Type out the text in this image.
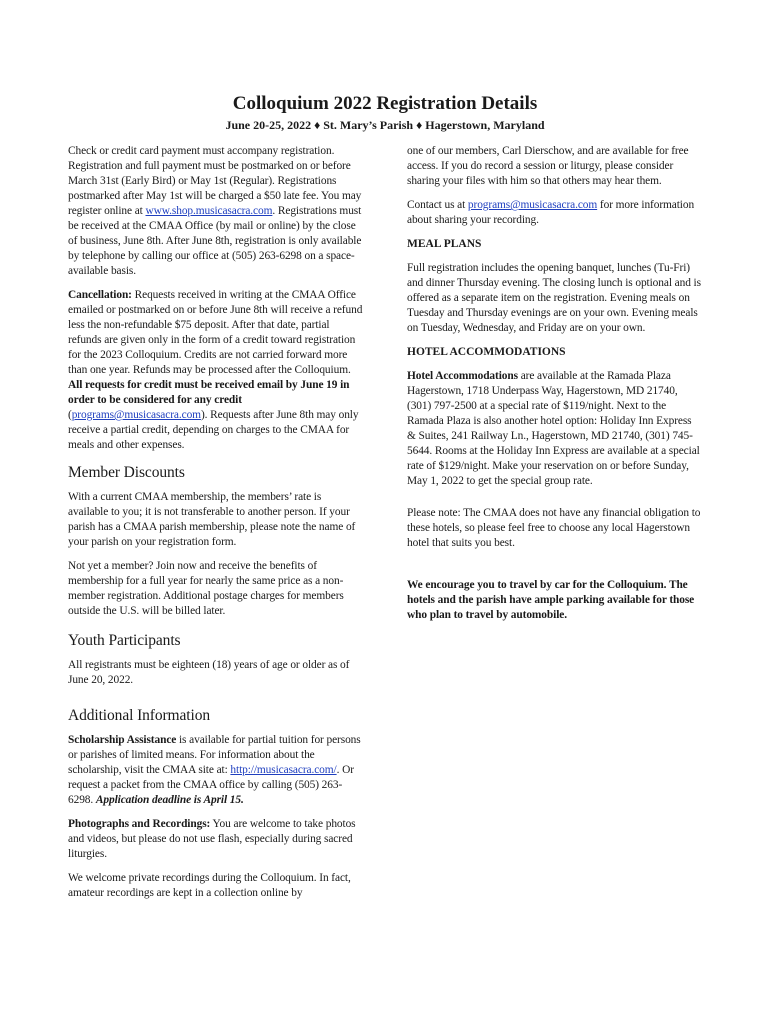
Colloquium 2022 Registration Details
June 20-25, 2022 ♦ St. Mary’s Parish ♦ Hagerstown, Maryland

Check or credit card payment must accompany registration. Registration and full payment must be postmarked on or before March 31st (Early Bird) or May 1st (Regular). Registrations postmarked after May 1st will be charged a $50 late fee. You may register online at www.shop.musicasacra.com. Registrations must be received at the CMAA Office (by mail or online) by the close of business, June 8th. After June 8th, registration is only available by telephone by calling our office at (505) 263-6298 on a space-available basis.

Cancellation: Requests received in writing at the CMAA Office emailed or postmarked on or before June 8th will receive a refund less the non-refundable $75 deposit. After that date, partial refunds are given only in the form of a credit toward registration for the 2023 Colloquium. Credits are not carried forward more than one year. Refunds may be processed after the Colloquium. All requests for credit must be received email by June 19 in order to be considered for any credit (programs@musicasacra.com). Requests after June 8th may only receive a partial credit, depending on charges to the CMAA for meals and other expenses.

Member Discounts

With a current CMAA membership, the members’ rate is available to you; it is not transferable to another person. If your parish has a CMAA parish membership, please note the name of your parish on your registration form.

Not yet a member? Join now and receive the benefits of membership for a full year for nearly the same price as a non-member registration. Additional postage charges for members outside the U.S. will be billed later.

Youth Participants

All registrants must be eighteen (18) years of age or older as of June 20, 2022.

Additional Information

Scholarship Assistance is available for partial tuition for persons or parishes of limited means. For information about the scholarship, visit the CMAA site at: http://musicasacra.com/. Or request a packet from the CMAA office by calling (505) 263-6298. Application deadline is April 15.

Photographs and Recordings: You are welcome to take photos and videos, but please do not use flash, especially during sacred liturgies.

We welcome private recordings during the Colloquium. In fact, amateur recordings are kept in a collection online by

one of our members, Carl Dierschow, and are available for free access. If you do record a session or liturgy, please consider sharing your files with him so that others may hear them.

Contact us at programs@musicasacra.com for more information about sharing your recording.

MEAL PLANS

Full registration includes the opening banquet, lunches (Tu-Fri) and dinner Thursday evening. The closing lunch is optional and is offered as a separate item on the registration. Evening meals on Tuesday and Thursday evenings are on your own. Evening meals on Tuesday, Wednesday, and Friday are on your own.

HOTEL ACCOMMODATIONS

Hotel Accommodations are available at the Ramada Plaza Hagerstown, 1718 Underpass Way, Hagerstown, MD 21740, (301) 797-2500 at a special rate of $119/night. Next to the Ramada Plaza is also another hotel option: Holiday Inn Express & Suites, 241 Railway Ln., Hagerstown, MD 21740, (301) 745-5644. Rooms at the Holiday Inn Express are available at a special rate of $129/night. Make your reservation on or before Sunday, May 1, 2022 to get the special group rate.

Please note: The CMAA does not have any financial obligation to these hotels, so please feel free to choose any local Hagerstown hotel that suits you best.

We encourage you to travel by car for the Colloquium. The hotels and the parish have ample parking available for those who plan to travel by automobile.
